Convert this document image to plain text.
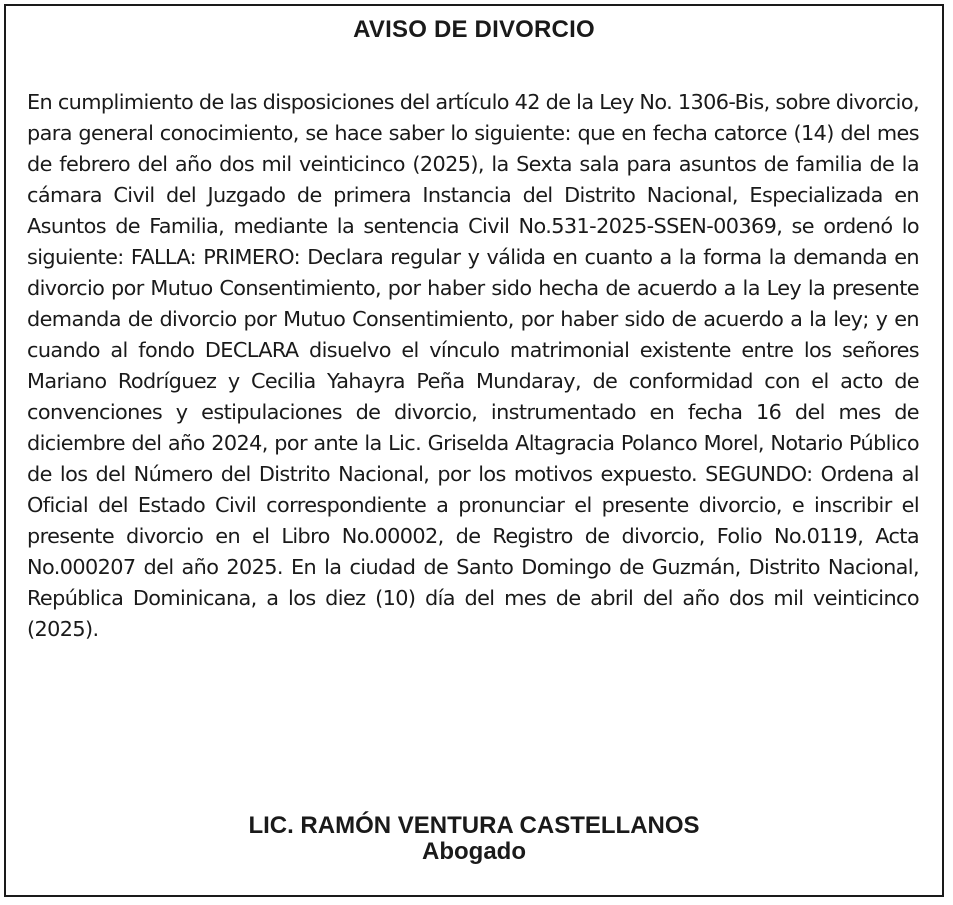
AVISO DE DIVORCIO

En cumplimiento de las disposiciones del artículo 42 de la Ley No. 1306-Bis, sobre divorcio, para general conocimiento, se hace saber lo siguiente: que en fecha catorce (14) del mes de febrero del año dos mil veinticinco (2025), la Sexta sala para asuntos de familia de la cámara Civil del Juzgado de primera Instancia del Distrito Nacional, Especializada en Asuntos de Familia, mediante la sentencia Civil No.531-2025-SSEN-00369, se ordenó lo siguiente: FALLA: PRIMERO: Declara regular y válida en cuanto a la forma la demanda en divorcio por Mutuo Consentimiento, por haber sido hecha de acuerdo a la Ley la presente demanda de divorcio por Mutuo Consentimiento, por haber sido de acuerdo a la ley; y en cuando al fondo DECLARA disuelvo el vínculo matrimonial existente entre los señores Mariano Rodríguez y Cecilia Yahayra Peña Mundaray, de conformidad con el acto de convenciones y estipulaciones de divorcio, instrumentado en fecha 16 del mes de diciembre del año 2024, por ante la Lic. Griselda Altagracia Polanco Morel, Notario Público de los del Número del Distrito Nacional, por los motivos expuesto. SEGUNDO: Ordena al Oficial del Estado Civil correspondiente a pronunciar el presente divorcio, e inscribir el presente divorcio en el Libro No.00002, de Registro de divorcio, Folio No.0119, Acta No.000207 del año 2025. En la ciudad de Santo Domingo de Guzmán, Distrito Nacional, República Dominicana, a los diez (10) día del mes de abril del año dos mil veinticinco (2025).

LIC. RAMÓN VENTURA CASTELLANOS
Abogado
